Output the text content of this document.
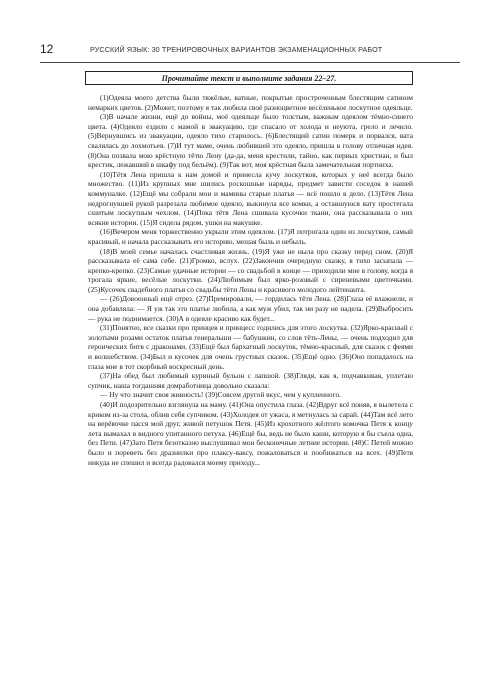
12	РУССКИЙ ЯЗЫК: 30 ТРЕНИРОВОЧНЫХ ВАРИАНТОВ ЭКЗАМЕНАЦИОННЫХ РАБОТ
Прочитайте текст и выполните задания 22–27.

(1)Одеяла моего детства были тяжёлые, ватные, покрытые простроченным блестящим сатином немарких цветов. (2)Может, поэтому я так любила своё разноцветное весёленькое лоскутное одеяльце.

(3)В начале жизни, ещё до войны, моё одеяльце было толстым, важным одеялом тёмно-синего цвета. (4)Одеяло ездило с мамой в эвакуацию, где спасало от холода и неуюта, грело и лечило. (5)Вернувшись из эвакуации, одеяло тихо старилось. (6)Блестящий сатин померк и порвался, вата свалялась до лохмотьев. (7)И тут маме, очень любившей это одеяло, пришла в голову отличная идея. (8)Она позвала мою крёстную тётю Лену (да-да, меня крестили, тайно, как первых христиан, и был крестик, лежавший в шкафу под бельём). (9)Так вот, моя крёстная была замечательная портниха.

(10)Тётя Лена пришла к нам домой и принесла кучу лоскутков, которых у неё всегда было множество. (11)Из крупных мне шились роскошные наряды, предмет зависти соседок в нашей коммуналке. (12)Ещё мы собрали мои и мамины старые платья — всё пошло в дело. (13)Тётя Лена недрогнувшей рукой разрезала любимое одеяло, выкинула все комки, а оставшуюся вату простегала сшитым лоскутным чехлом. (14)Пока тётя Лена сшивала кусочки ткани, она рассказывала о них всякие истории. (15)Я сидела рядом, ушки на макушке.

(16)Вечером меня торжественно укрыли этим одеялом. (17)Я потрогала один из лоскутков, самый красивый, и начала рассказывать его историю, мешая быль и небыль.

(18)В моей семье началась счастливая жизнь. (19)Я уже не ныла про сказку перед сном. (20)Я рассказывала её сама себе. (21)Громко, вслух. (22)Закончив очередную сказку, я тихо засыпала — крепко-крепко. (23)Самые удачные истории — со свадьбой в конце — приходили мне в голову, когда я трогала яркие, весёлые лоскутки. (24)Любимым был ярко-розовый с сиреневыми цветочками. (25)Кусочек свадебного платья со свадьбы тёти Лены и красивого молодого лейтенанта.

— (26)Довоенный ещё отрез. (27)Премировали, — гордилась тётя Лена. (28)Глаза её влажнели, и она добавляла: — Я уж так это платье любила, а как муж убил, так ни разу не надела. (29)Выбросить — рука не поднимается. (30)А в одеяле красиво как будет...

(31)Понятно, все сказки про принцев и принцесс годились для этого лоскутка. (32)Ярко-красный с золотыми розами остаток платья генеральши — бабушкин, со слов тёть-Лены, — очень подходил для героических битв с драконами. (33)Ещё был бархатный лоскуток, тёмно-красный, для сказок с феями и волшебством. (34)Был и кусочек для очень грустных сказок. (35)Ещё одно. (36)Оно попадалось на глаза мне в тот скорбный воскресный день.

(37)На обед был любимый куриный бульон с лапшой. (38)Глядя, как я, подчавкивая, уплетаю супчик, наша тогдашняя домработница довольно сказала:

— Ну что значит своя живность! (39)Совсем другой вкус, чем у купленного.

(40)И подозрительно взглянула на маму. (41)Она опустила глаза. (42)Вдруг всё поняв, я вылетела с криком из-за стола, облив себя супчиком. (43)Холодея от ужаса, я метнулась за сарай. (44)Там всё лето на верёвочке пасся мой друг, живой петушок Петя. (45)Из крохотного жёлтого комочка Петя к концу лета вымахал в видного упитанного петуха. (46)Ещё бы, ведь не было каши, которую я бы съела одна, без Пети. (47)Зато Петя безотказно выслушивал мои бесконечные летние истории. (48)С Петей можно было и пореветь без дразнилки про плаксу-ваксу, пожаловаться и пообижаться на всех. (49)Петя никуда не спешил и всегда радовался моему приходу...
